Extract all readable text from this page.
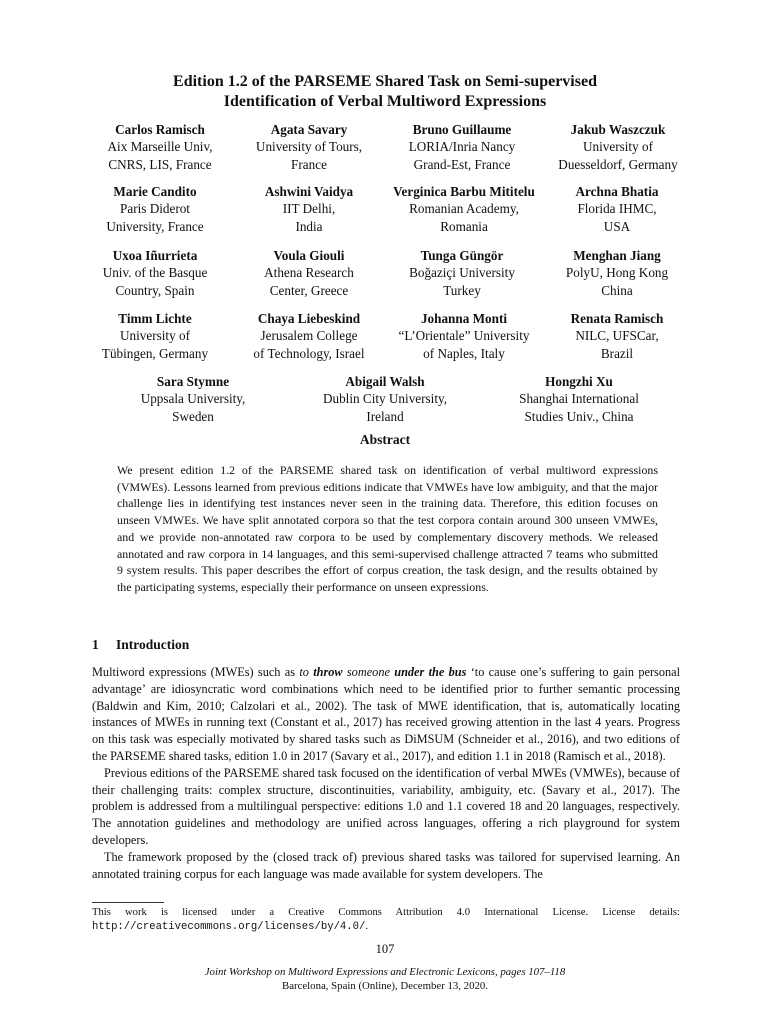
Edition 1.2 of the PARSEME Shared Task on Semi-supervised
Identification of Verbal Multiword Expressions
Carlos Ramisch
Aix Marseille Univ,
CNRS, LIS, France
Agata Savary
University of Tours,
France
Bruno Guillaume
LORIA/Inria Nancy
Grand-Est, France
Jakub Waszczuk
University of
Duesseldorf, Germany
Marie Candito
Paris Diderot
University, France
Ashwini Vaidya
IIT Delhi,
India
Verginica Barbu Mititelu
Romanian Academy,
Romania
Archna Bhatia
Florida IHMC,
USA
Uxoa Iñurrieta
Univ. of the Basque
Country, Spain
Voula Giouli
Athena Research
Center, Greece
Tunga Güngör
Boğaziçi University
Turkey
Menghan Jiang
PolyU, Hong Kong
China
Timm Lichte
University of
Tübingen, Germany
Chaya Liebeskind
Jerusalem College
of Technology, Israel
Johanna Monti
“L’Orientale” University
of Naples, Italy
Renata Ramisch
NILC, UFSCar,
Brazil
Sara Stymne
Uppsala University,
Sweden
Abigail Walsh
Dublin City University,
Ireland
Hongzhi Xu
Shanghai International
Studies Univ., China
Abstract
We present edition 1.2 of the PARSEME shared task on identification of verbal multiword expressions (VMWEs). Lessons learned from previous editions indicate that VMWEs have low ambiguity, and that the major challenge lies in identifying test instances never seen in the training data. Therefore, this edition focuses on unseen VMWEs. We have split annotated corpora so that the test corpora contain around 300 unseen VMWEs, and we provide non-annotated raw corpora to be used by complementary discovery methods. We released annotated and raw corpora in 14 languages, and this semi-supervised challenge attracted 7 teams who submitted 9 system results. This paper describes the effort of corpus creation, the task design, and the results obtained by the participating systems, especially their performance on unseen expressions.
1 Introduction

Multiword expressions (MWEs) such as to throw someone under the bus ‘to cause one’s suffering to gain personal advantage’ are idiosyncratic word combinations which need to be identified prior to further semantic processing (Baldwin and Kim, 2010; Calzolari et al., 2002). The task of MWE identification, that is, automatically locating instances of MWEs in running text (Constant et al., 2017) has received growing attention in the last 4 years. Progress on this task was especially motivated by shared tasks such as DiMSUM (Schneider et al., 2016), and two editions of the PARSEME shared tasks, edition 1.0 in 2017 (Savary et al., 2017), and edition 1.1 in 2018 (Ramisch et al., 2018).

Previous editions of the PARSEME shared task focused on the identification of verbal MWEs (VMWEs), because of their challenging traits: complex structure, discontinuities, variability, ambiguity, etc. (Savary et al., 2017). The problem is addressed from a multilingual perspective: editions 1.0 and 1.1 covered 18 and 20 languages, respectively. The annotation guidelines and methodology are unified across languages, offering a rich playground for system developers.

The framework proposed by the (closed track of) previous shared tasks was tailored for supervised learning. An annotated training corpus for each language was made available for system developers. The

This work is licensed under a Creative Commons Attribution 4.0 International License. License details: http://creativecommons.org/licenses/by/4.0/.
107
Joint Workshop on Multiword Expressions and Electronic Lexicons, pages 107–118
Barcelona, Spain (Online), December 13, 2020.
